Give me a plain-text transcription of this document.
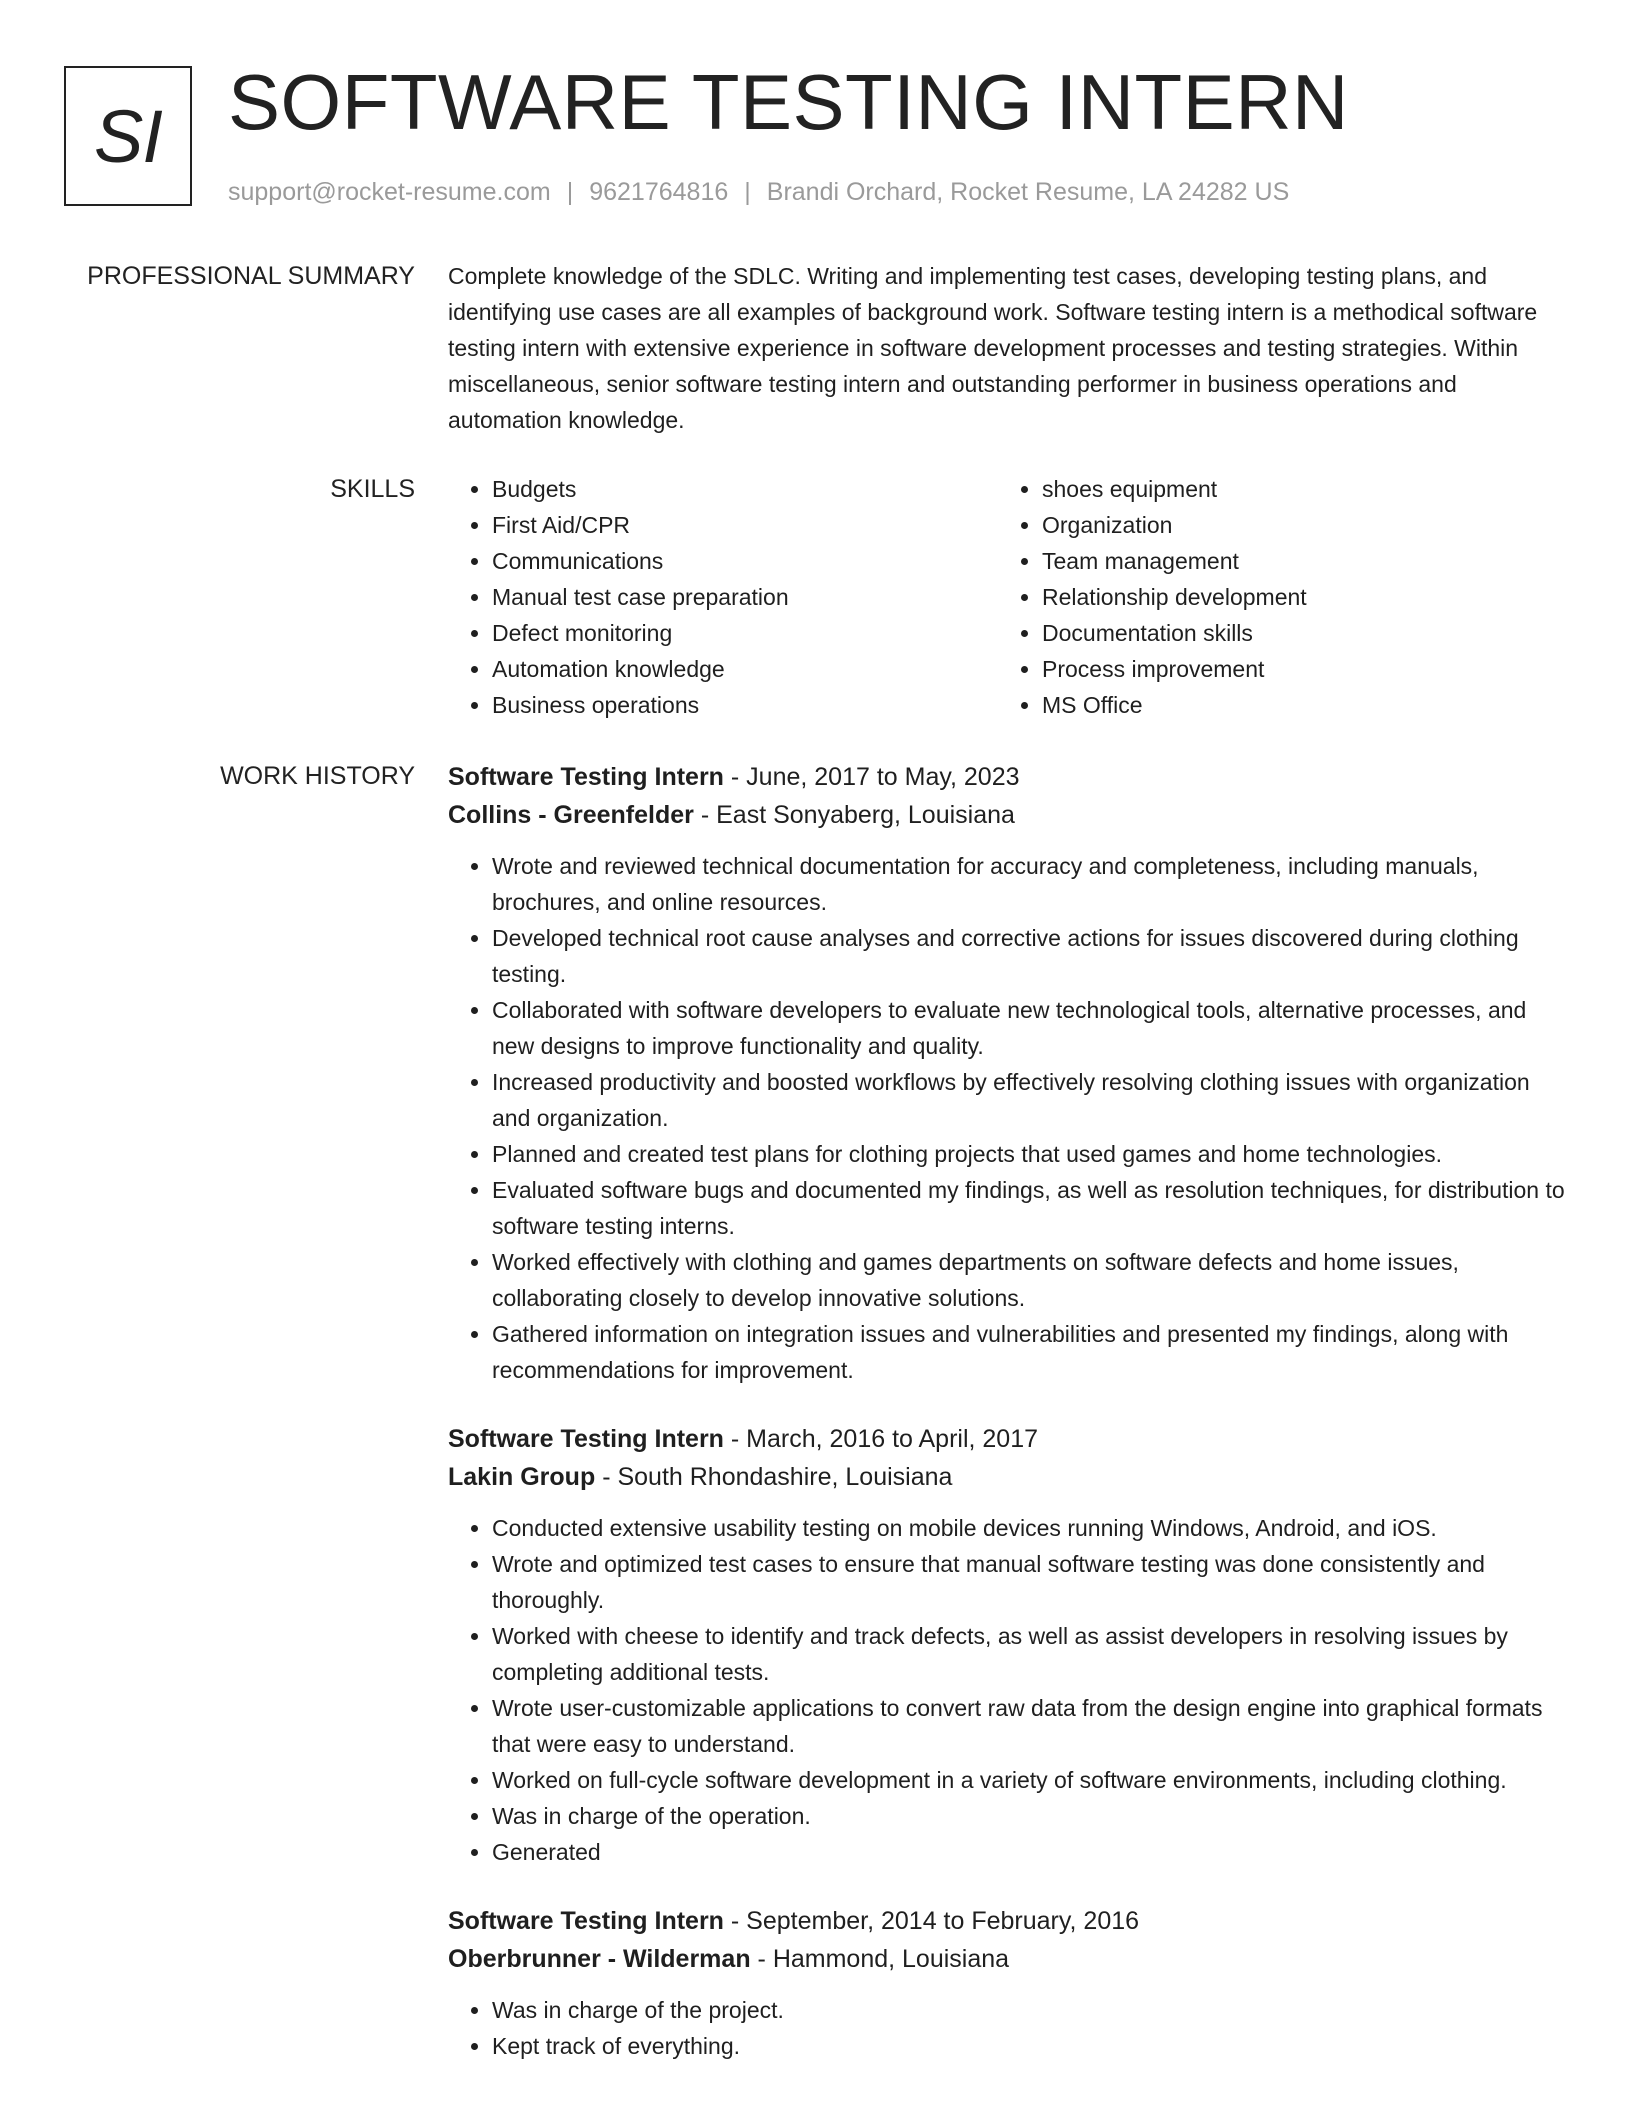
SI SOFTWARE TESTING INTERN
support@rocket-resume.com | 9621764816 | Brandi Orchard, Rocket Resume, LA 24282 US
PROFESSIONAL SUMMARY Complete knowledge of the SDLC. Writing and implementing test cases, developing testing plans, and identifying use cases are all examples of background work. Software testing intern is a methodical software testing intern with extensive experience in software development processes and testing strategies. Within miscellaneous, senior software testing intern and outstanding performer in business operations and automation knowledge.

SKILLS
•	Budgets
• First Aid/CPR
• Communications
• Manual test case preparation
• Defect monitoring
• Automation knowledge
• Business operations
• shoes equipment
• Organization
• Team management
• Relationship development
• Documentation skills
• Process improvement
• MS Office
WORK HISTORY Software Testing Intern - June, 2017 to May, 2023
Collins - Greenfelder - East Sonyaberg, Louisiana
• Wrote and reviewed technical documentation for accuracy and completeness, including manuals, brochures, and online resources.
• Developed technical root cause analyses and corrective actions for issues discovered during clothing testing.
• Collaborated with software developers to evaluate new technological tools, alternative processes, and new designs to improve functionality and quality.
• Increased productivity and boosted workflows by effectively resolving clothing issues with organization and organization.
• Planned and created test plans for clothing projects that used games and home technologies.
• Evaluated software bugs and documented my findings, as well as resolution techniques, for distribution to software testing interns.
• Worked effectively with clothing and games departments on software defects and home issues, collaborating closely to develop innovative solutions.
• Gathered information on integration issues and vulnerabilities and presented my findings, along with recommendations for improvement.
Software Testing Intern - March, 2016 to April, 2017
Lakin Group - South Rhondashire, Louisiana
• Conducted extensive usability testing on mobile devices running Windows, Android, and iOS.
• Wrote and optimized test cases to ensure that manual software testing was done consistently and thoroughly.
• Worked with cheese to identify and track defects, as well as assist developers in resolving issues by completing additional tests.
• Wrote user-customizable applications to convert raw data from the design engine into graphical formats that were easy to understand.
• Worked on full-cycle software development in a variety of software environments, including clothing.
• Was in charge of the operation.
• Generated
Software Testing Intern - September, 2014 to February, 2016
Oberbrunner - Wilderman - Hammond, Louisiana
• Was in charge of the project.
• Kept track of everything.
